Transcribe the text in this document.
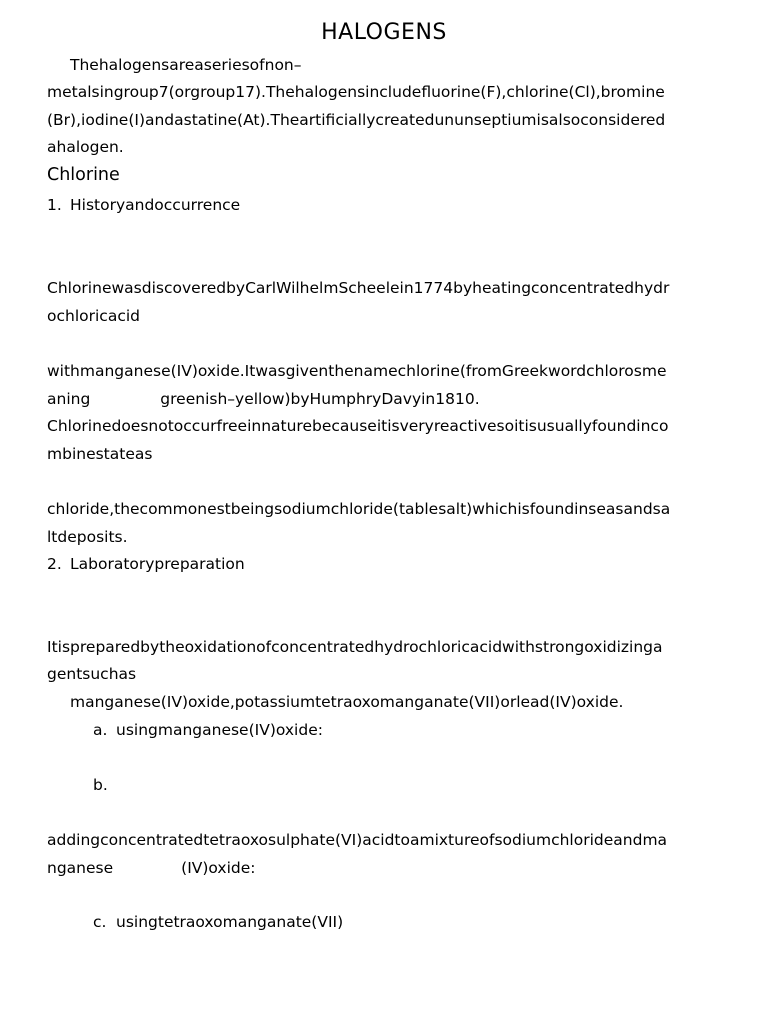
HALOGENS
Thehalogensareaseriesofnon–
metalsingroup7(orgroup17).Thehalogensincludefluorine(F),chlorine(Cl),bromine
(Br),iodine(I)andastatine(At).Theartificiallycreatedununseptiumisalsoconsidered
ahalogen.
Chlorine
1. Historyandoccurrence
ChlorinewasdiscoveredbyCarlWilhelmScheelein1774byheatingconcentratedhydr
ochloricacid
withmanganese(IV)oxide.Itwasgiventhenamechlorine(fromGreekwordchlorosme
aning	greenish–yellow)byHumphryDavyin1810.
Chlorinedoesnotoccurfreeinnaturebecauseitisveryreactivesoitisusuallyfoundinco
mbinestateas
chloride,thecommonestbeingsodiumchloride(tablesalt)whichisfoundinseasandsa
ltdeposits.
2. Laboratorypreparation
Itispreparedbytheoxidationofconcentratedhydrochloricacidwithstrongoxidizinga
gentsuchas
manganese(IV)oxide,potassiumtetraoxomanganate(VII)orlead(IV)oxide.
a. usingmanganese(IV)oxide:
b.
addingconcentratedtetraoxosulphate(VI)acidtoamixtureofsodiumchlorideandma
nganese	(IV)oxide:
c. usingtetraoxomanganate(VII)
